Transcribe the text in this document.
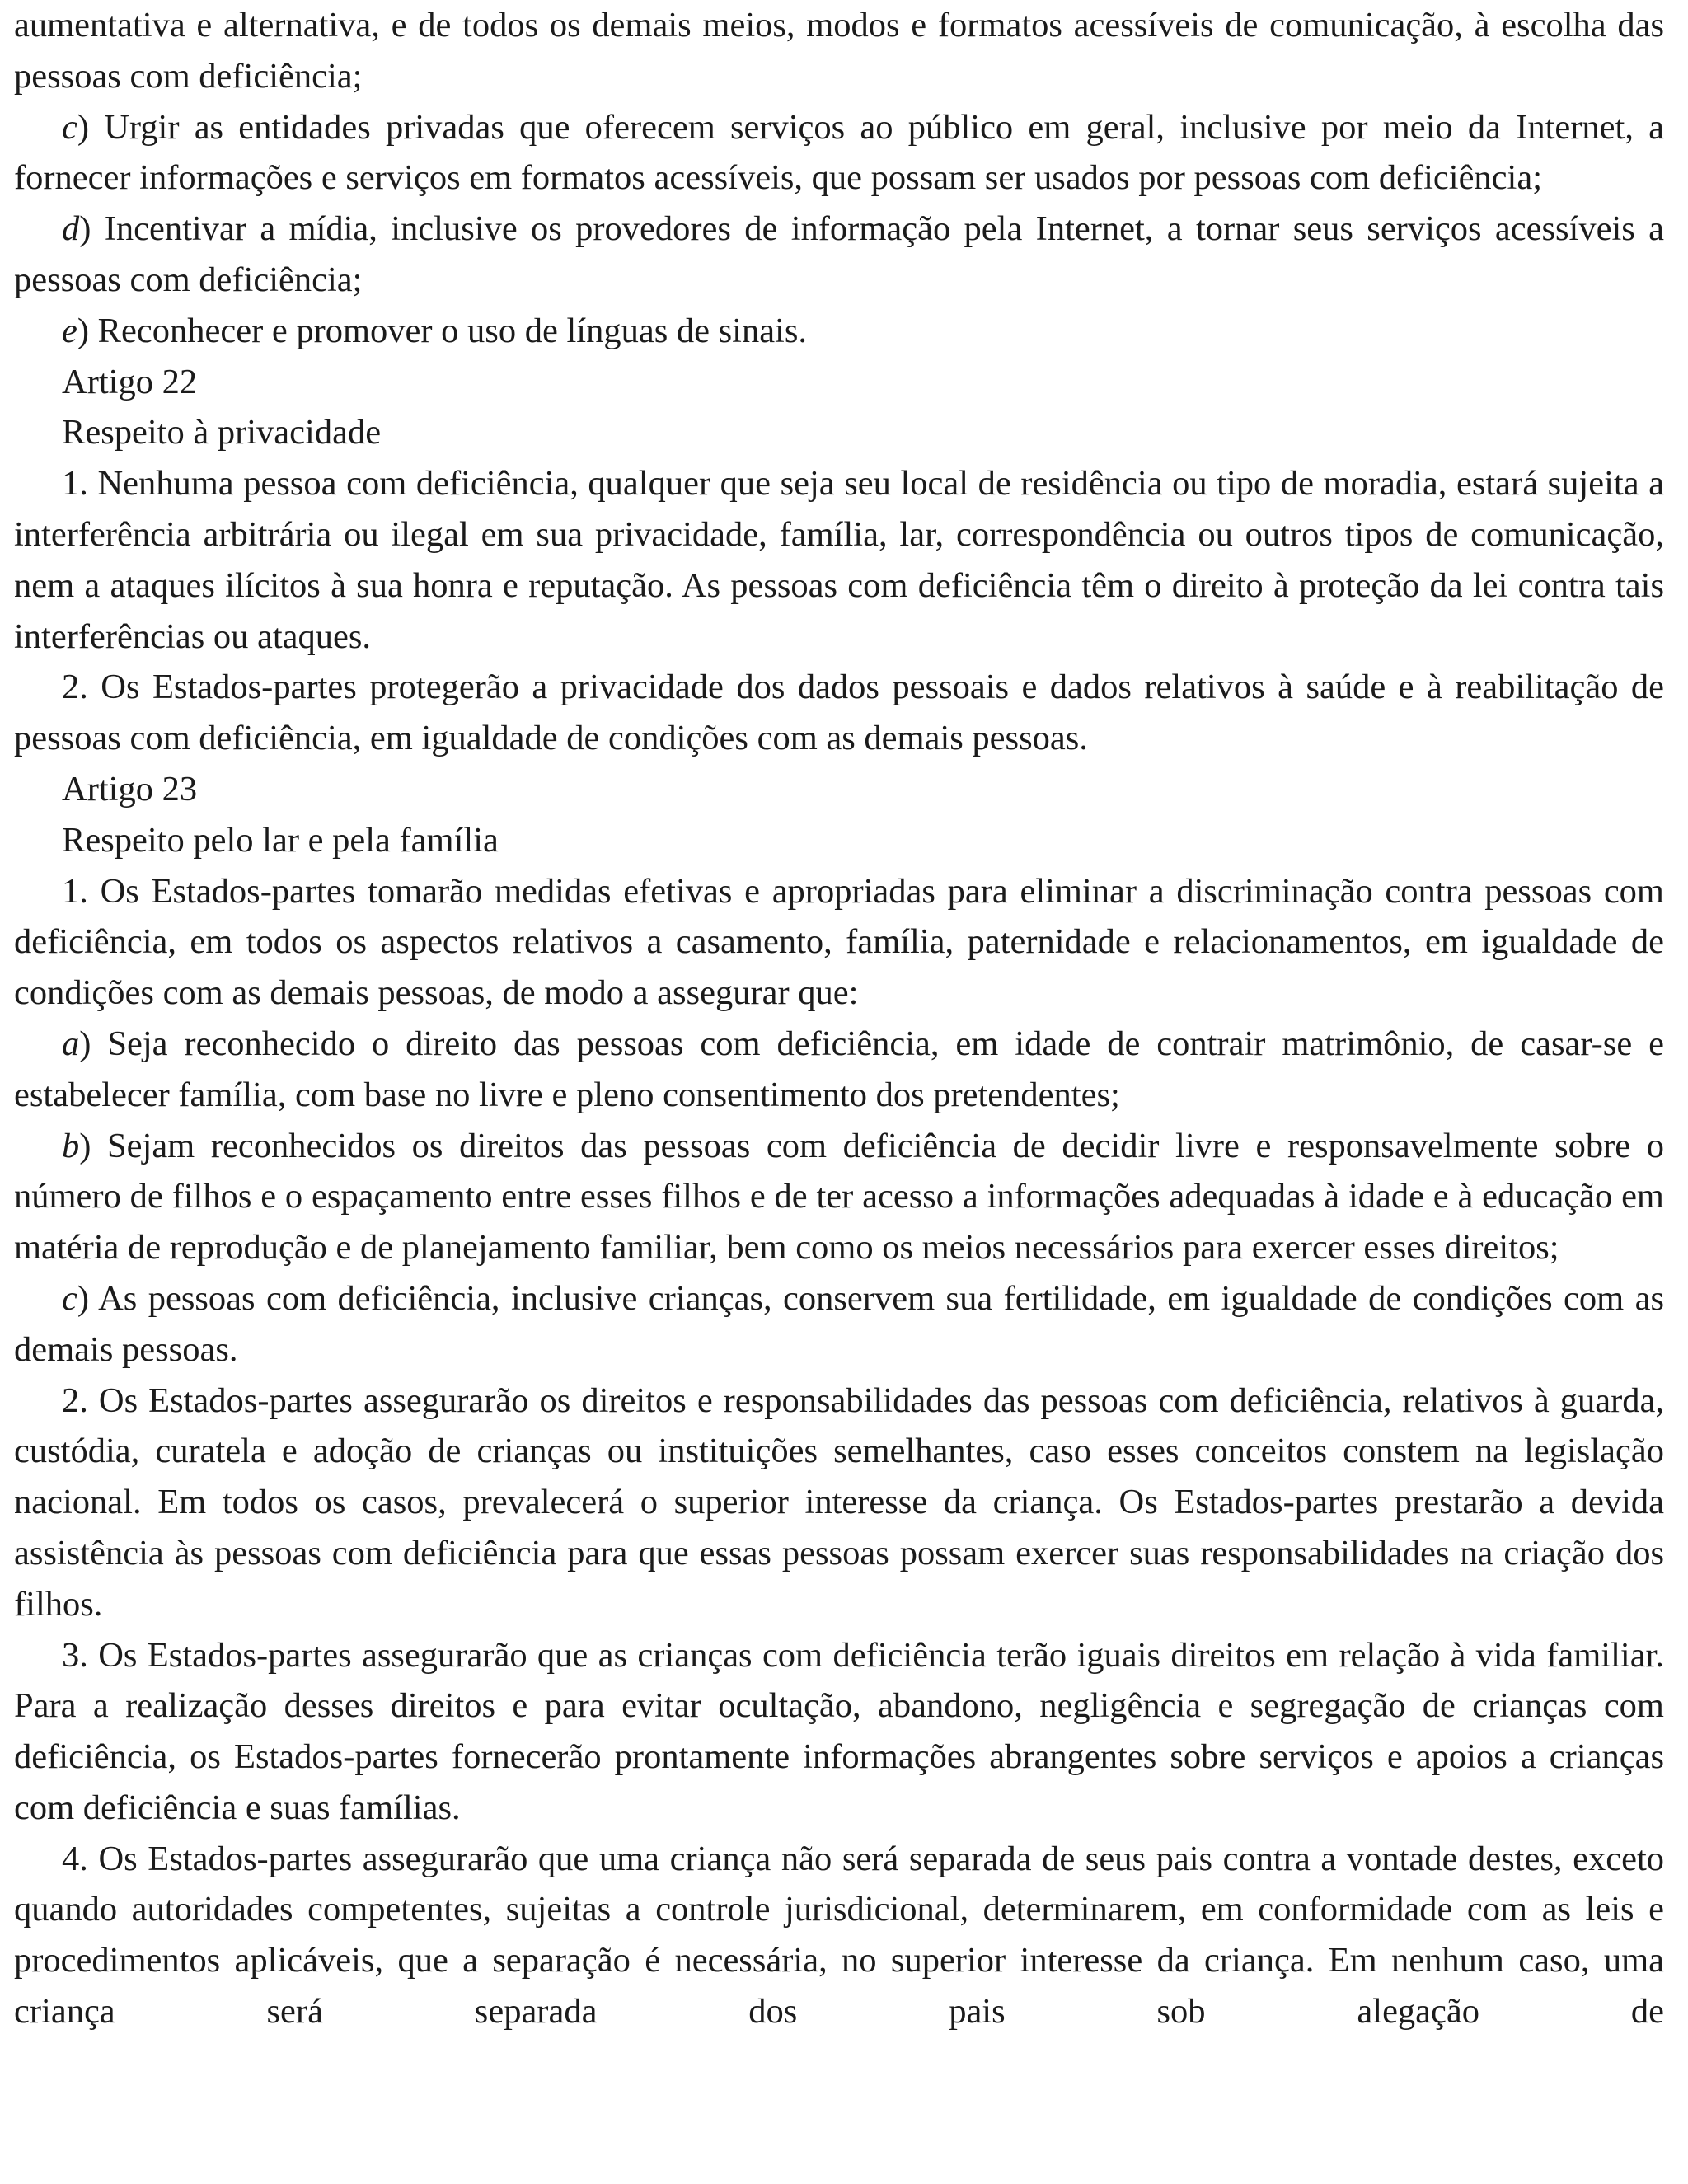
aumentativa e alternativa, e de todos os demais meios, modos e formatos acessíveis de comunicação, à escolha das pessoas com deficiência;

c) Urgir as entidades privadas que oferecem serviços ao público em geral, inclusive por meio da Internet, a fornecer informações e serviços em formatos acessíveis, que possam ser usados por pessoas com deficiência;

d) Incentivar a mídia, inclusive os provedores de informação pela Internet, a tornar seus serviços acessíveis a pessoas com deficiência;

e) Reconhecer e promover o uso de línguas de sinais.

Artigo 22

Respeito à privacidade

1. Nenhuma pessoa com deficiência, qualquer que seja seu local de residência ou tipo de moradia, estará sujeita a interferência arbitrária ou ilegal em sua privacidade, família, lar, correspondência ou outros tipos de comunicação, nem a ataques ilícitos à sua honra e reputação. As pessoas com deficiência têm o direito à proteção da lei contra tais interferências ou ataques.

2. Os Estados-partes protegerão a privacidade dos dados pessoais e dados relativos à saúde e à reabilitação de pessoas com deficiência, em igualdade de condições com as demais pessoas.

Artigo 23

Respeito pelo lar e pela família

1. Os Estados-partes tomarão medidas efetivas e apropriadas para eliminar a discriminação contra pessoas com deficiência, em todos os aspectos relativos a casamento, família, paternidade e relacionamentos, em igualdade de condições com as demais pessoas, de modo a assegurar que:

a) Seja reconhecido o direito das pessoas com deficiência, em idade de contrair matrimônio, de casar-se e estabelecer família, com base no livre e pleno consentimento dos pretendentes;

b) Sejam reconhecidos os direitos das pessoas com deficiência de decidir livre e responsavelmente sobre o número de filhos e o espaçamento entre esses filhos e de ter acesso a informações adequadas à idade e à educação em matéria de reprodução e de planejamento familiar, bem como os meios necessários para exercer esses direitos;

c) As pessoas com deficiência, inclusive crianças, conservem sua fertilidade, em igualdade de condições com as demais pessoas.

2. Os Estados-partes assegurarão os direitos e responsabilidades das pessoas com deficiência, relativos à guarda, custódia, curatela e adoção de crianças ou instituições semelhantes, caso esses conceitos constem na legislação nacional. Em todos os casos, prevalecerá o superior interesse da criança. Os Estados-partes prestarão a devida assistência às pessoas com deficiência para que essas pessoas possam exercer suas responsabilidades na criação dos filhos.

3. Os Estados-partes assegurarão que as crianças com deficiência terão iguais direitos em relação à vida familiar. Para a realização desses direitos e para evitar ocultação, abandono, negligência e segregação de crianças com deficiência, os Estados-partes fornecerão prontamente informações abrangentes sobre serviços e apoios a crianças com deficiência e suas famílias.

4. Os Estados-partes assegurarão que uma criança não será separada de seus pais contra a vontade destes, exceto quando autoridades competentes, sujeitas a controle jurisdicional, determinarem, em conformidade com as leis e procedimentos aplicáveis, que a separação é necessária, no superior interesse da criança. Em nenhum caso, uma criança será separada dos pais sob alegação de
